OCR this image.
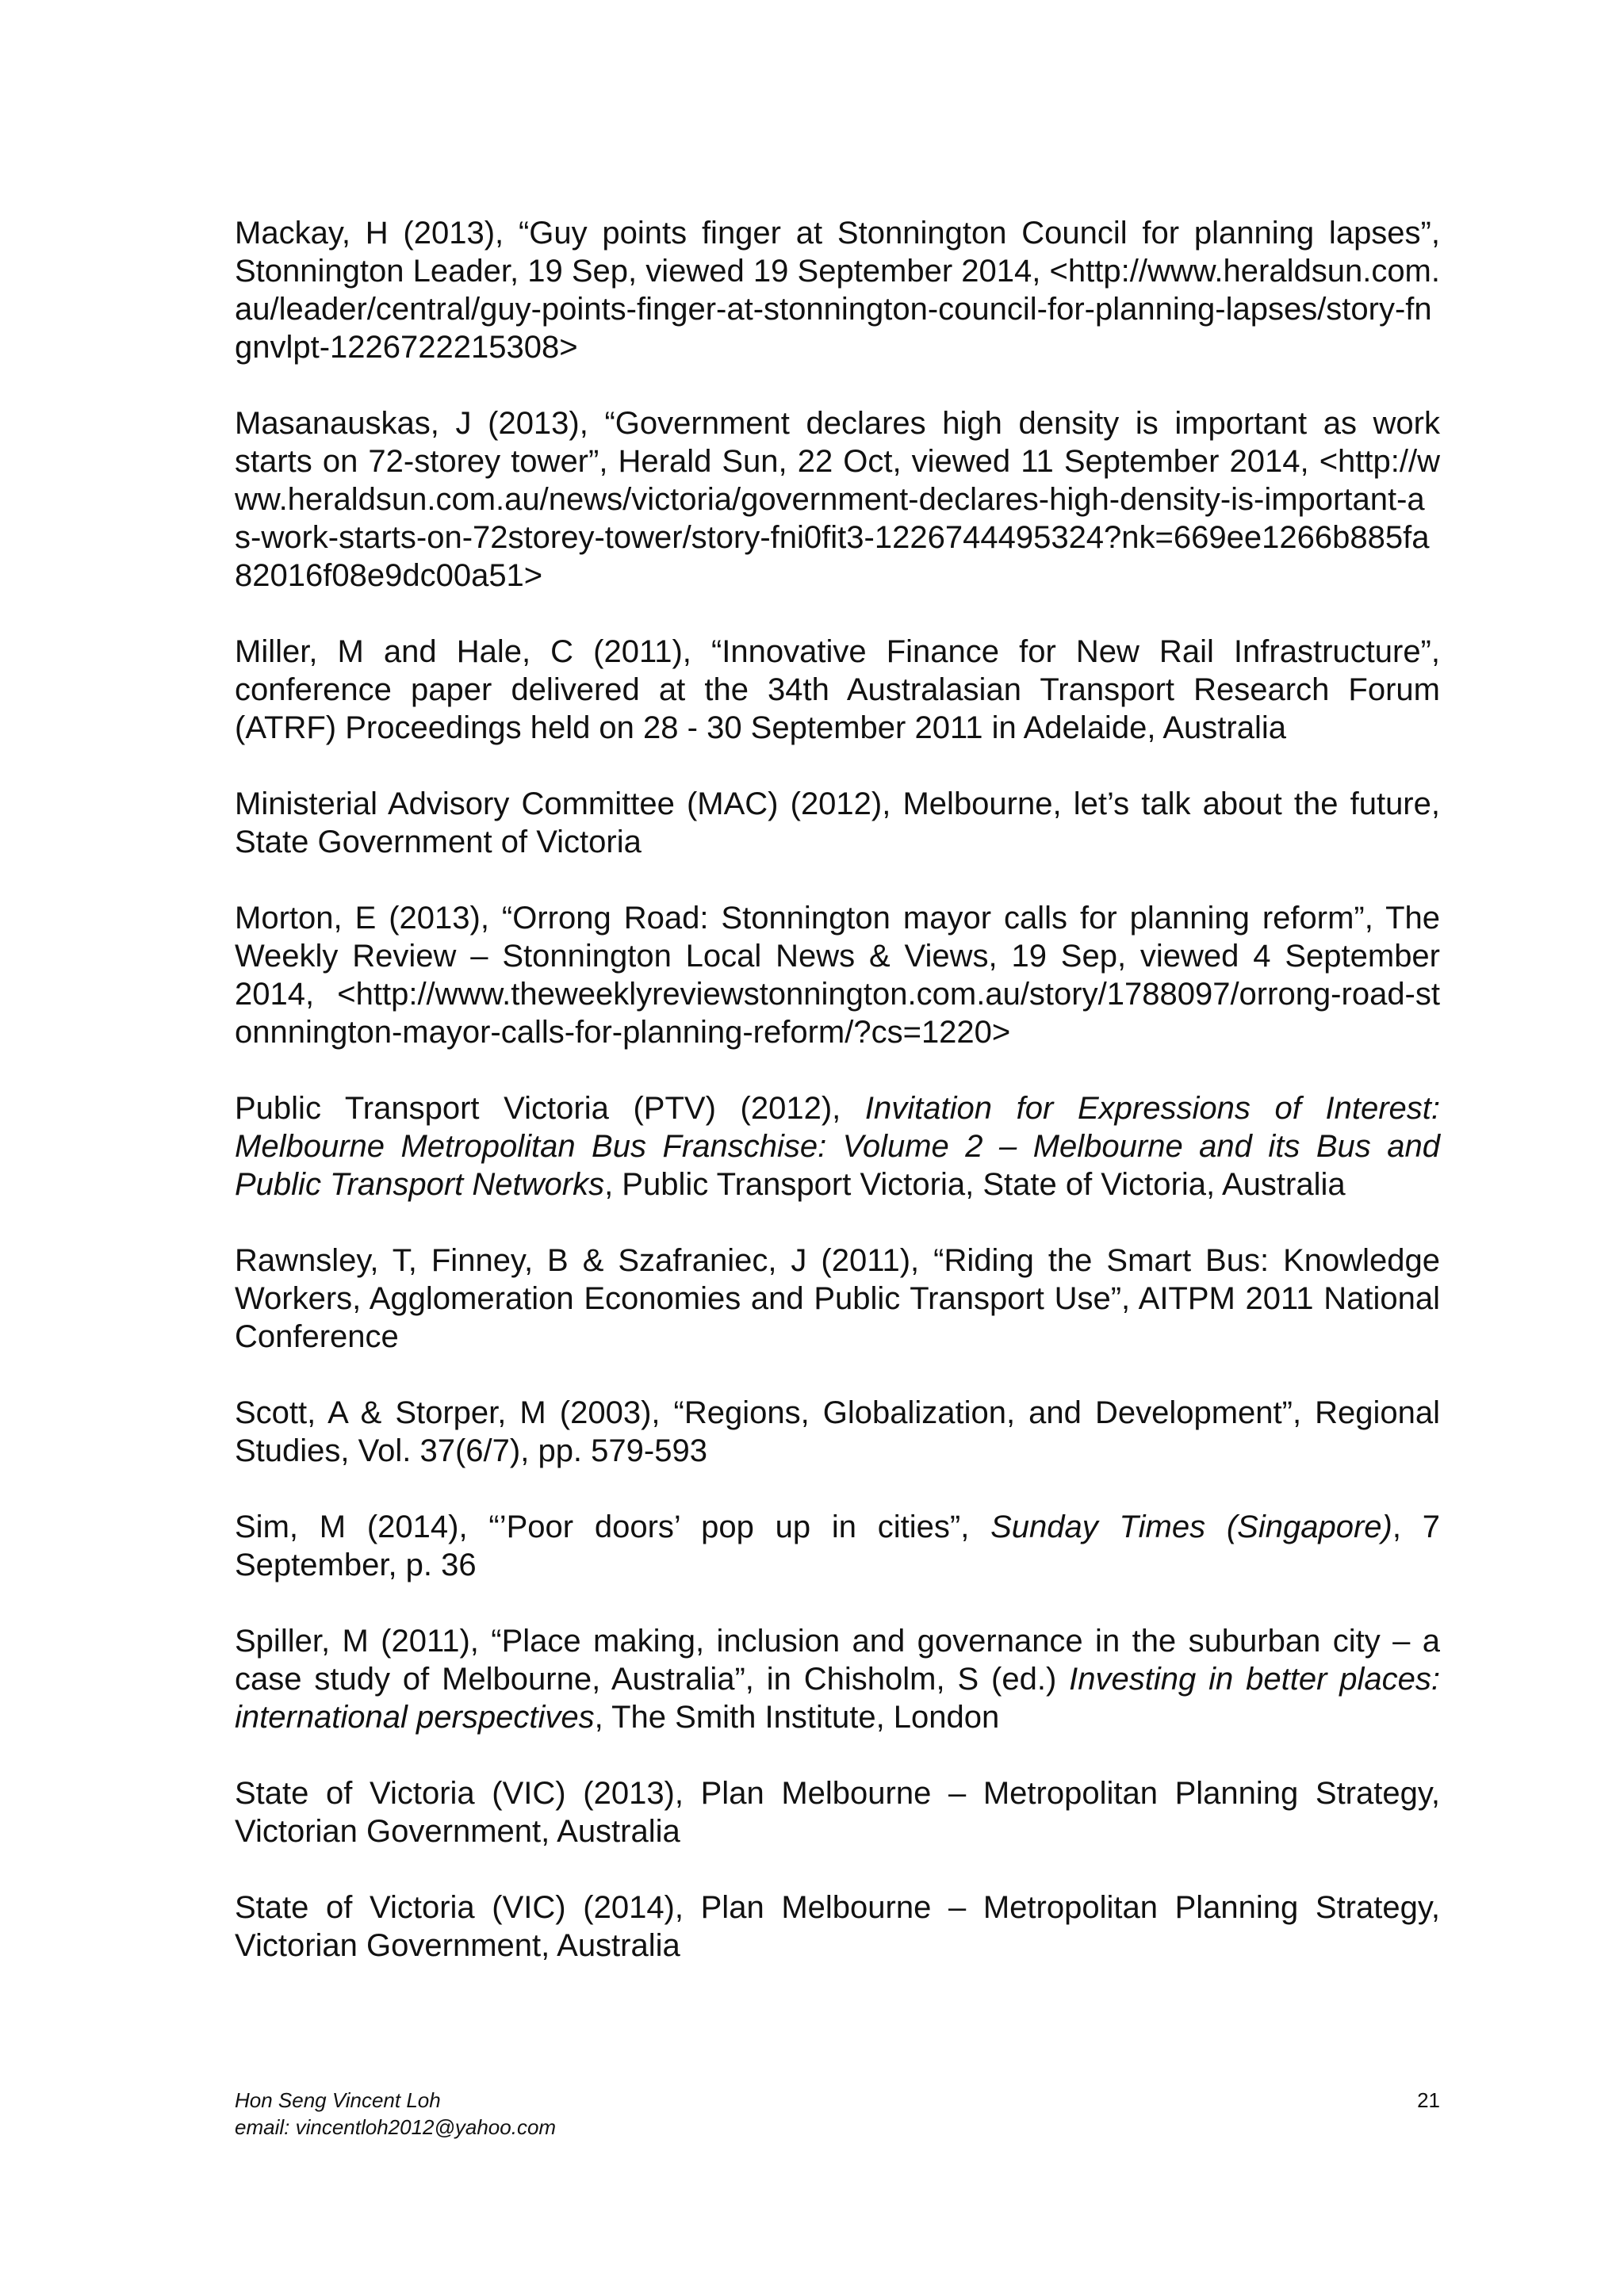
Mackay, H (2013), “Guy points finger at Stonnington Council for planning lapses”, Stonnington Leader, 19 Sep, viewed 19 September 2014, <http://www.heraldsun.com.au/leader/central/guy-points-finger-at-stonnington-council-for-planning-lapses/story-fngnvlpt-1226722215308>

Masanauskas, J (2013), “Government declares high density is important as work starts on 72-storey tower”, Herald Sun, 22 Oct, viewed 11 September 2014, <http://www.heraldsun.com.au/news/victoria/government-declares-high-density-is-important-as-work-starts-on-72storey-tower/story-fni0fit3-1226744495324?nk=669ee1266b885fa82016f08e9dc00a51>

Miller, M and Hale, C (2011), “Innovative Finance for New Rail Infrastructure”, conference paper delivered at the 34th Australasian Transport Research Forum (ATRF) Proceedings held on 28 - 30 September 2011 in Adelaide, Australia

Ministerial Advisory Committee (MAC) (2012), Melbourne, let’s talk about the future, State Government of Victoria

Morton, E (2013), “Orrong Road: Stonnington mayor calls for planning reform”, The Weekly Review – Stonnington Local News & Views, 19 Sep, viewed 4 September 2014, <http://www.theweeklyreviewstonnington.com.au/story/1788097/orrong-road-stonnnington-mayor-calls-for-planning-reform/?cs=1220>

Public Transport Victoria (PTV) (2012), Invitation for Expressions of Interest: Melbourne Metropolitan Bus Franschise: Volume 2 – Melbourne and its Bus and Public Transport Networks, Public Transport Victoria, State of Victoria, Australia

Rawnsley, T, Finney, B & Szafraniec, J (2011), “Riding the Smart Bus: Knowledge Workers, Agglomeration Economies and Public Transport Use”, AITPM 2011 National Conference

Scott, A & Storper, M (2003), “Regions, Globalization, and Development”, Regional Studies, Vol. 37(6/7), pp. 579-593

Sim, M (2014), “’Poor doors’ pop up in cities”, Sunday Times (Singapore), 7 September, p. 36

Spiller, M (2011), “Place making, inclusion and governance in the suburban city – a case study of Melbourne, Australia”, in Chisholm, S (ed.) Investing in better places: international perspectives, The Smith Institute, London

State of Victoria (VIC) (2013), Plan Melbourne – Metropolitan Planning Strategy, Victorian Government, Australia

State of Victoria (VIC) (2014), Plan Melbourne – Metropolitan Planning Strategy, Victorian Government, Australia

Hon Seng Vincent Loh	21
email: vincentloh2012@yahoo.com
